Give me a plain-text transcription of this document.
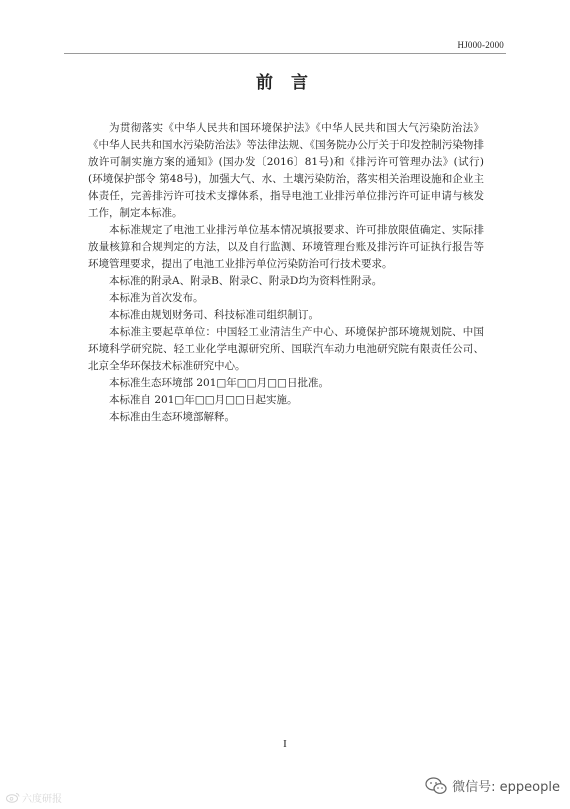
HJ000-2000
前 言

为贯彻落实《中华人民共和国环境保护法》《中华人民共和国大气污染防治法》《中华人民共和国水污染防治法》等法律法规、《国务院办公厅关于印发控制污染物排放许可制实施方案的通知》(国办发〔2016〕81号)和《排污许可管理办法》(试行)(环境保护部令 第48号)，加强大气、水、土壤污染防治，落实相关治理设施和企业主体责任，完善排污许可技术支撑体系，指导电池工业排污单位排污许可证申请与核发工作，制定本标准。

本标准规定了电池工业排污单位基本情况填报要求、许可排放限值确定、实际排放量核算和合规判定的方法，以及自行监测、环境管理台账及排污许可证执行报告等环境管理要求，提出了电池工业排污单位污染防治可行技术要求。

本标准的附录A、附录B、附录C、附录D均为资料性附录。

本标准为首次发布。

本标准由规划财务司、科技标准司组织制订。

本标准主要起草单位：中国轻工业清洁生产中心、环境保护部环境规划院、中国环境科学研究院、轻工业化学电源研究所、国联汽车动力电池研究院有限责任公司、北京全华环保技术标准研究中心。

本标准生态环境部 201□年□□月□□日批准。

本标准自 201□年□□月□□日起实施。

本标准由生态环境部解释。

I
六度研报
微信号: eppeople
